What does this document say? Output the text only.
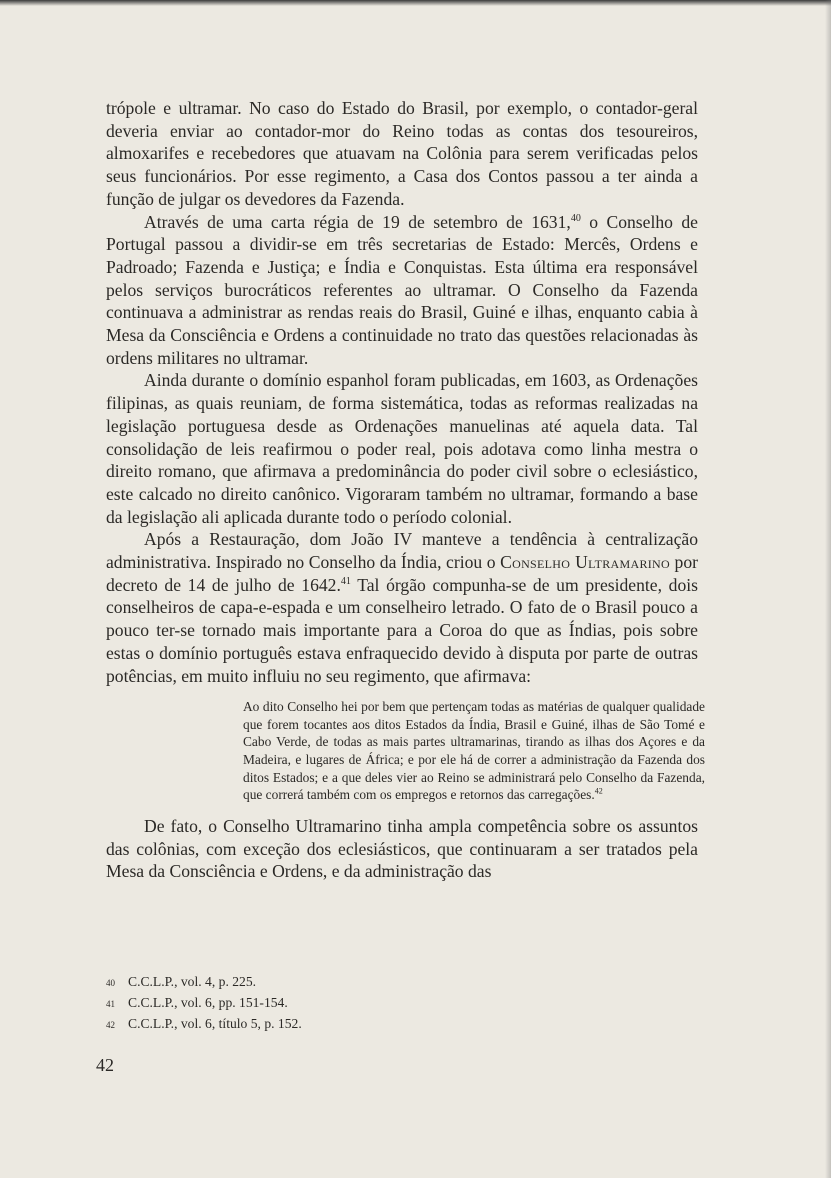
trópole e ultramar. No caso do Estado do Brasil, por exemplo, o contador-geral deveria enviar ao contador-mor do Reino todas as contas dos tesoureiros, almoxarifes e recebedores que atuavam na Colônia para serem verificadas pelos seus funcionários. Por esse regimento, a Casa dos Contos passou a ter ainda a função de julgar os devedores da Fazenda.

Através de uma carta régia de 19 de setembro de 1631,40 o Conselho de Portugal passou a dividir-se em três secretarias de Estado: Mercês, Ordens e Padroado; Fazenda e Justiça; e Índia e Conquistas. Esta última era responsável pelos serviços burocráticos referentes ao ultramar. O Conselho da Fazenda continuava a administrar as rendas reais do Brasil, Guiné e ilhas, enquanto cabia à Mesa da Consciência e Ordens a continuidade no trato das questões relacionadas às ordens militares no ultramar.

Ainda durante o domínio espanhol foram publicadas, em 1603, as Ordenações filipinas, as quais reuniam, de forma sistemática, todas as reformas realizadas na legislação portuguesa desde as Ordenações manuelinas até aquela data. Tal consolidação de leis reafirmou o poder real, pois adotava como linha mestra o direito romano, que afirmava a predominância do poder civil sobre o eclesiástico, este calcado no direito canônico. Vigoraram também no ultramar, formando a base da legislação ali aplicada durante todo o período colonial.

Após a Restauração, dom João IV manteve a tendência à centralização administrativa. Inspirado no Conselho da Índia, criou o Conselho Ultramarino por decreto de 14 de julho de 1642.41 Tal órgão compunha-se de um presidente, dois conselheiros de capa-e-espada e um conselheiro letrado. O fato de o Brasil pouco a pouco ter-se tornado mais importante para a Coroa do que as Índias, pois sobre estas o domínio português estava enfraquecido devido à disputa por parte de outras potências, em muito influiu no seu regimento, que afirmava:

Ao dito Conselho hei por bem que pertençam todas as matérias de qualquer qualidade que forem tocantes aos ditos Estados da Índia, Brasil e Guiné, ilhas de São Tomé e Cabo Verde, de todas as mais partes ultramarinas, tirando as ilhas dos Açores e da Madeira, e lugares de África; e por ele há de correr a administração da Fazenda dos ditos Estados; e a que deles vier ao Reino se administrará pelo Conselho da Fazenda, que correrá também com os empregos e retornos das carregações.$^{42}$

De fato, o Conselho Ultramarino tinha ampla competência sobre os assuntos das colônias, com exceção dos eclesiásticos, que continuaram a ser tratados pela Mesa da Consciência e Ordens, e da administração das

40 C.C.L.P., vol. 4, p. 225.
41 C.C.L.P., vol. 6, pp. 151-154.
42 C.C.L.P., vol. 6, título 5, p. 152.
42
